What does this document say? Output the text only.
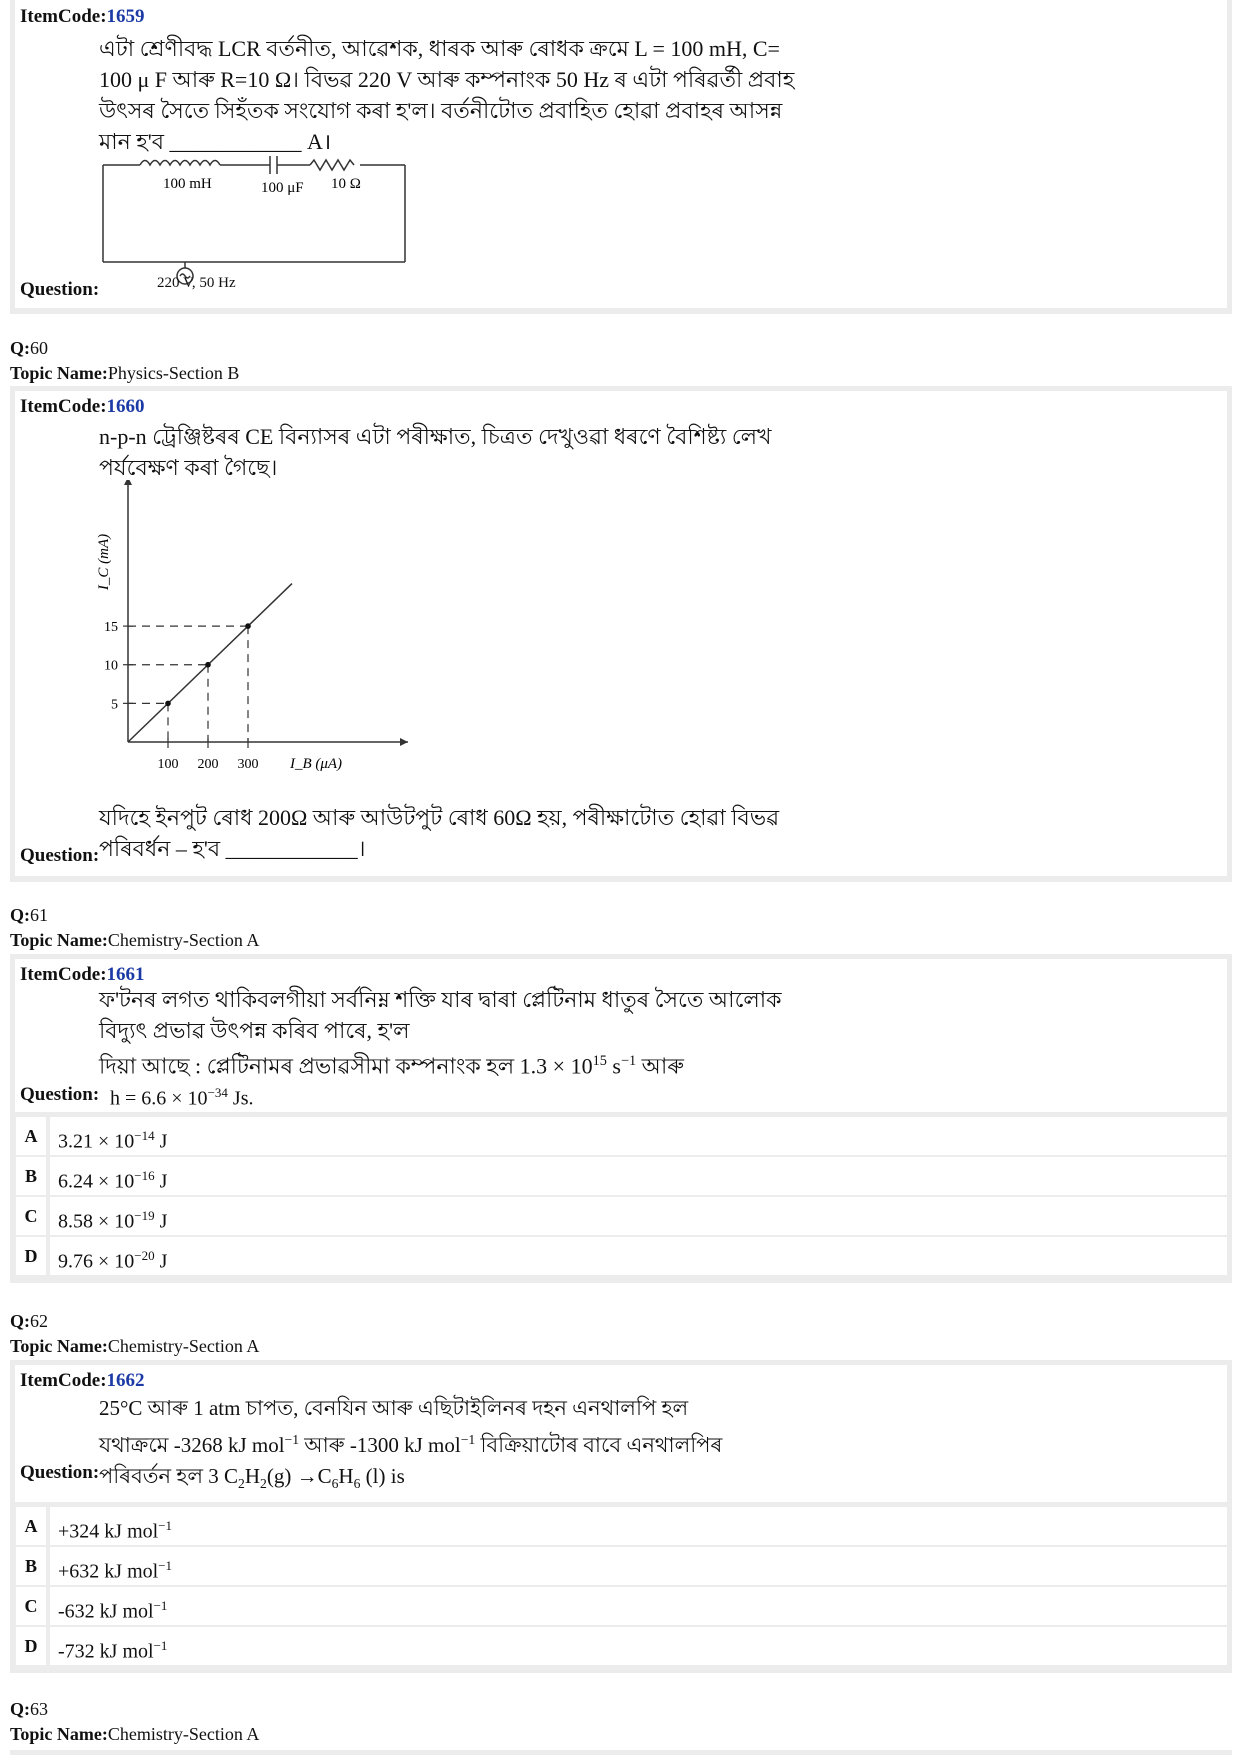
ItemCode:1659
এটা শ্ৰেণীবদ্ধ LCR বৰ্তনীত, আৱেশক, ধাৰক আৰু ৰোধক ক্ৰমে L = 100 mH, C=
100 μ F আৰু R=10 Ω। বিভৱ 220 V আৰু কম্পনাংক 50 Hz ৰ এটা পৰিৱৰ্তী প্ৰবাহ
উৎসৰ সৈতে সিহঁতক সংযোগ কৰা হ'ল। বৰ্তনীটোত প্ৰবাহিত হোৱা প্ৰবাহৰ আসন্ন
মান হ'ব ____________ A।
100 mH	100 μF 10 Ω
220 V, 50 Hz
Question:
Q:60
Topic Name:Physics-Section B
ItemCode:1660
n-p-n ট্ৰেঞ্জিষ্টৰৰ CE বিন্যাসৰ এটা পৰীক্ষাত, চিত্ৰত দেখুওৱা ধৰণে বৈশিষ্ট্য লেখ
পৰ্যবেক্ষণ কৰা গৈছে।
5
100
10
200
15
300
I_C (mA)
I_B (μA)
যদিহে ইনপুট ৰোধ 200Ω আৰু আউটপুট ৰোধ 60Ω হয়, পৰীক্ষাটোত হোৱা বিভৱ
পৰিবৰ্ধন – হ'ব ____________।
Question:
Q:61
Topic Name:Chemistry-Section A
ItemCode:1661
ফ'টনৰ লগত থাকিবলগীয়া সৰ্বনিম্ন শক্তি যাৰ দ্বাৰা প্লেটিনাম ধাতুৰ সৈতে আলোক
বিদ্যুৎ প্ৰভাৱ উৎপন্ন কৰিব পাৰে, হ'ল
দিয়া আছে : প্লেটিনামৰ প্ৰভাৱসীমা কম্পনাংক হল $1.3 \times 10^{15}$ $s^{-1}$ আৰু
Question: $h = 6.6 \times 10^{-34}$ Js.
A	$3.21 \times 10^{-14}$ J
B	$6.24 \times 10^{-16}$ J
C	$8.58 \times 10^{-19}$ J
D	$9.76 \times 10^{-20}$ J
Q:62
Topic Name:Chemistry-Section A
ItemCode:1662
25°C আৰু 1 atm চাপত, বেনযিন আৰু এছিটাইলিনৰ দহন এনথালপি হল
যথাক্ৰমে -3268 kJ mol$^{-1}$ আৰু -1300 kJ mol$^{-1}$ বিক্ৰিয়াটোৰ বাবে এনথালপিৰ
পৰিবৰ্তন হল 3 $C_2H_2(g) \to C_6H_6$ (l) is
Question:
A	+324 kJ mol$^{-1}$
B	+632 kJ mol$^{-1}$
C	-632 kJ mol$^{-1}$
D	-732 kJ mol$^{-1}$
Q:63
Topic Name:Chemistry-Section A
